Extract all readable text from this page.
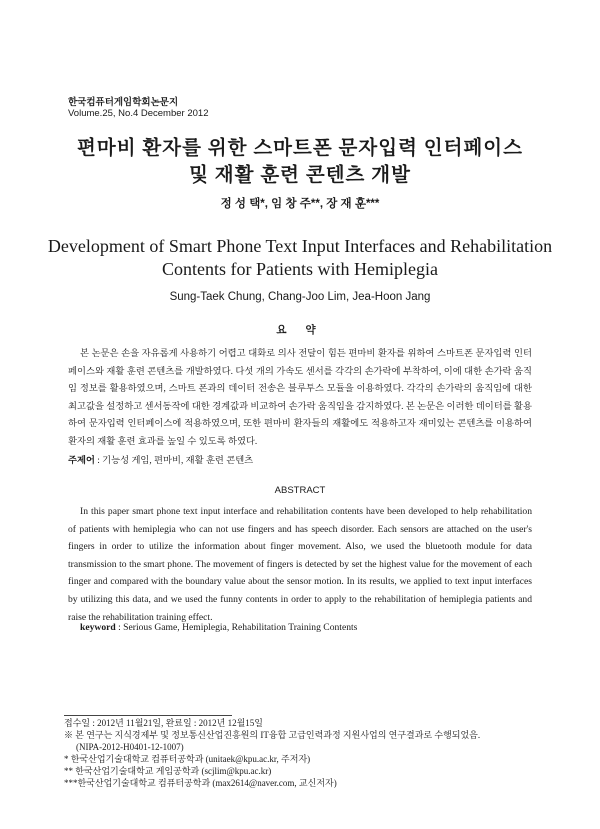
한국컴퓨터게임학회논문지
Volume.25, No.4 December 2012
편마비 환자를 위한 스마트폰 문자입력 인터페이스
및 재활 훈련 콘텐츠 개발
정 성 택*, 임 창 주**, 장 재 훈***
Development of Smart Phone Text Input Interfaces and Rehabilitation
Contents for Patients with Hemiplegia
Sung-Taek Chung, Chang-Joo Lim, Jea-Hoon Jang
요 약
본 논문은 손을 자유롭게 사용하기 어렵고 대화로 의사 전달이 힘든 편마비 환자를 위하여 스마트폰 문자입력 인터페이스와 재활 훈련 콘텐츠를 개발하였다. 다섯 개의 가속도 센서를 각각의 손가락에 부착하여, 이에 대한 손가락 움직임 정보를 활용하였으며, 스마트 폰과의 데이터 전송은 블루투스 모듈을 이용하였다. 각각의 손가락의 움직임에 대한 최고값을 설정하고 센서동작에 대한 경계값과 비교하여 손가락 움직임을 감지하였다. 본 논문은 이러한 데이터를 활용하여 문자입력 인터페이스에 적용하였으며, 또한 편마비 환자들의 재활에도 적용하고자 재미있는 콘텐츠를 이용하여 환자의 재활 훈련 효과를 높일 수 있도록 하였다.
주제어 : 기능성 게임, 편마비, 재활 훈련 콘텐츠
ABSTRACT
In this paper smart phone text input interface and rehabilitation contents have been developed to help rehabilitation of patients with hemiplegia who can not use fingers and has speech disorder. Each sensors are attached on the user's fingers in order to utilize the information about finger movement. Also, we used the bluetooth module for data transmission to the smart phone. The movement of fingers is detected by set the highest value for the movement of each finger and compared with the boundary value about the sensor motion. In its results, we applied to text input interfaces by utilizing this data, and we used the funny contents in order to apply to the rehabilitation of hemiplegia patients and raise the rehabilitation training effect.
keyword : Serious Game, Hemiplegia, Rehabilitation Training Contents
접수일 : 2012년 11월21일, 완료일 : 2012년 12월15일
※ 본 연구는 지식경제부 및 정보통신산업진흥원의 IT융합 고급인력과정 지원사업의 연구결과로 수행되었음.
(NIPA-2012-H0401-12-1007)
* 한국산업기술대학교 컴퓨터공학과 (unitaek@kpu.ac.kr, 주저자)
** 한국산업기술대학교 게임공학과 (scjlim@kpu.ac.kr)
***한국산업기술대학교 컴퓨터공학과 (max2614@naver.com, 교신저자)
